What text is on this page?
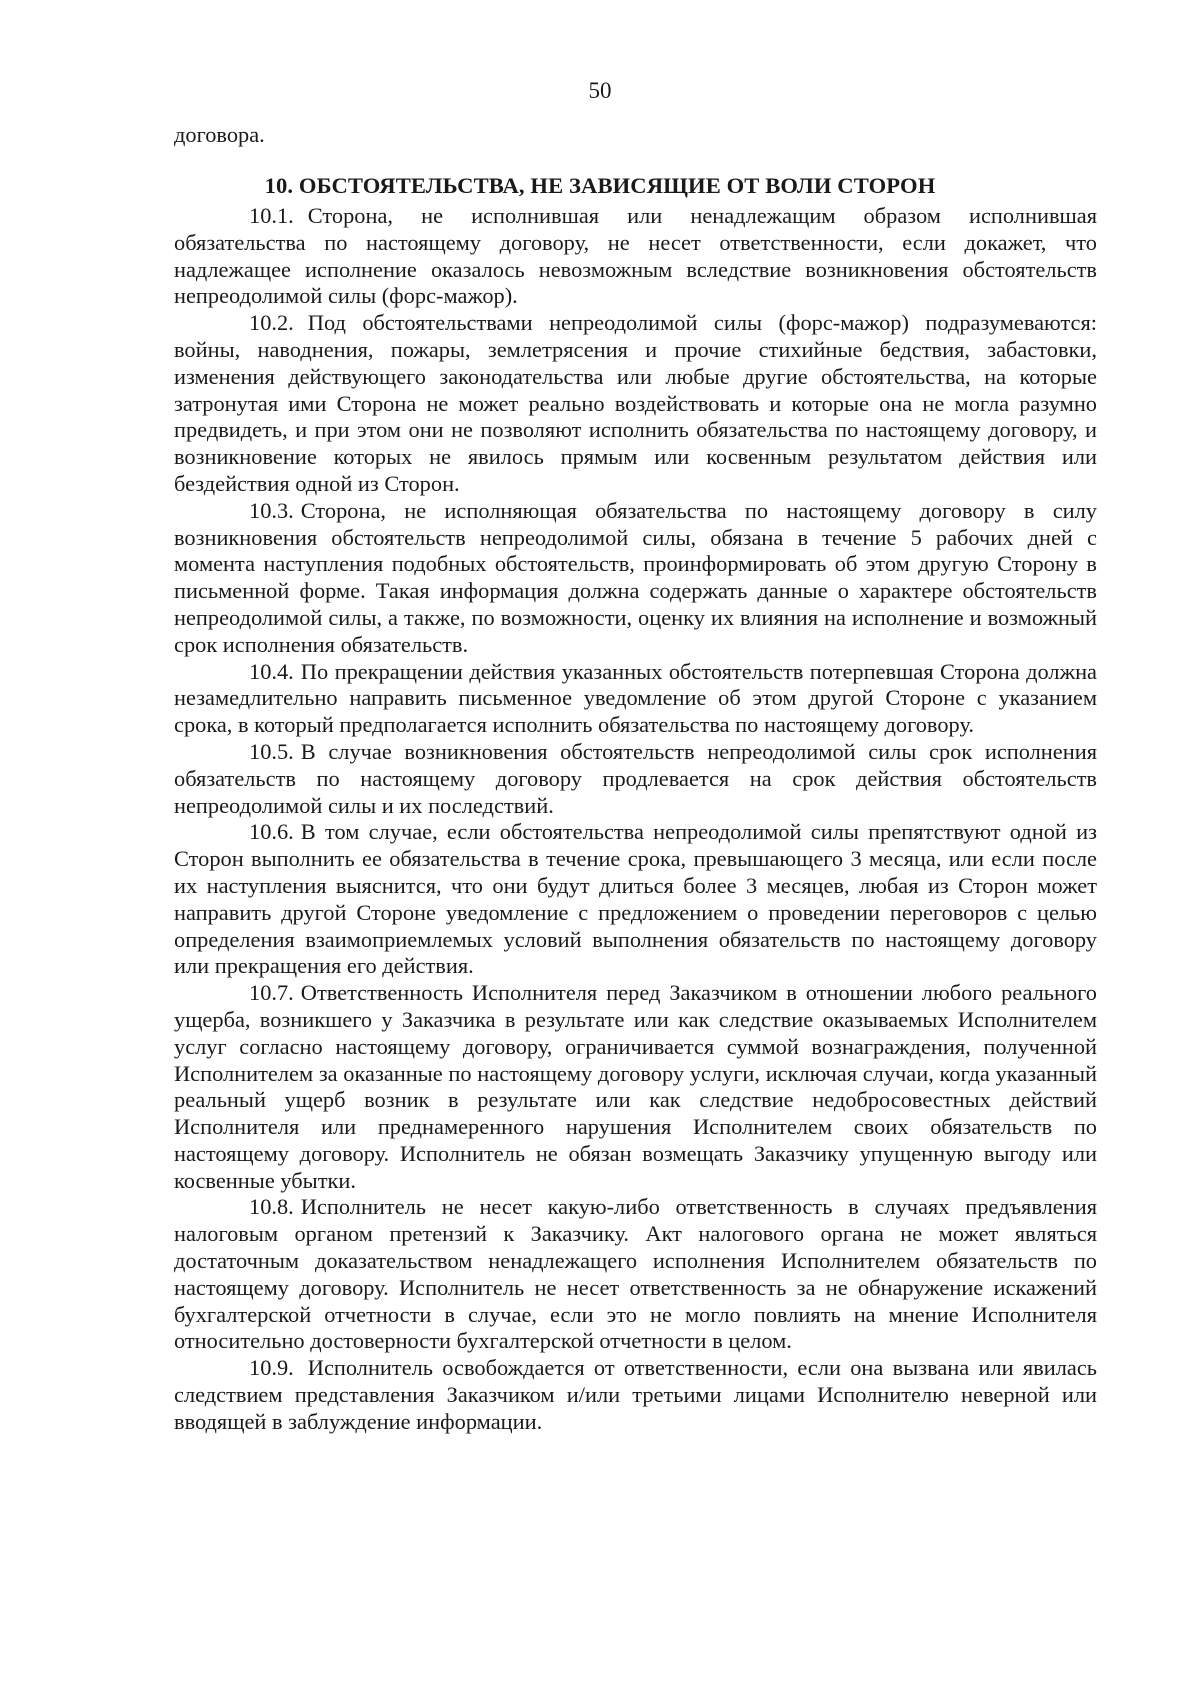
50

договора.

10. ОБСТОЯТЕЛЬСТВА, НЕ ЗАВИСЯЩИЕ ОТ ВОЛИ СТОРОН

10.1. Сторона, не исполнившая или ненадлежащим образом исполнившая обязательства по настоящему договору, не несет ответственности, если докажет, что надлежащее исполнение оказалось невозможным вследствие возникновения обстоятельств непреодолимой силы (форс-мажор).

10.2. Под обстоятельствами непреодолимой силы (форс-мажор) подразумеваются: войны, наводнения, пожары, землетрясения и прочие стихийные бедствия, забастовки, изменения действующего законодательства или любые другие обстоятельства, на которые затронутая ими Сторона не может реально воздействовать и которые она не могла разумно предвидеть, и при этом они не позволяют исполнить обязательства по настоящему договору, и возникновение которых не явилось прямым или косвенным результатом действия или бездействия одной из Сторон.

10.3. Сторона, не исполняющая обязательства по настоящему договору в силу возникновения обстоятельств непреодолимой силы, обязана в течение 5 рабочих дней с момента наступления подобных обстоятельств, проинформировать об этом другую Сторону в письменной форме. Такая информация должна содержать данные о характере обстоятельств непреодолимой силы, а также, по возможности, оценку их влияния на исполнение и возможный срок исполнения обязательств.

10.4. По прекращении действия указанных обстоятельств потерпевшая Сторона должна незамедлительно направить письменное уведомление об этом другой Стороне с указанием срока, в который предполагается исполнить обязательства по настоящему договору.

10.5. В случае возникновения обстоятельств непреодолимой силы срок исполнения обязательств по настоящему договору продлевается на срок действия обстоятельств непреодолимой силы и их последствий.

10.6. В том случае, если обстоятельства непреодолимой силы препятствуют одной из Сторон выполнить ее обязательства в течение срока, превышающего 3 месяца, или если после их наступления выяснится, что они будут длиться более 3 месяцев, любая из Сторон может направить другой Стороне уведомление с предложением о проведении переговоров с целью определения взаимоприемлемых условий выполнения обязательств по настоящему договору или прекращения его действия.

10.7. Ответственность Исполнителя перед Заказчиком в отношении любого реального ущерба, возникшего у Заказчика в результате или как следствие оказываемых Исполнителем услуг согласно настоящему договору, ограничивается суммой вознаграждения, полученной Исполнителем за оказанные по настоящему договору услуги, исключая случаи, когда указанный реальный ущерб возник в результате или как следствие недобросовестных действий Исполнителя или преднамеренного нарушения Исполнителем своих обязательств по настоящему договору. Исполнитель не обязан возмещать Заказчику упущенную выгоду или косвенные убытки.

10.8. Исполнитель не несет какую-либо ответственность в случаях предъявления налоговым органом претензий к Заказчику. Акт налогового органа не может являться достаточным доказательством ненадлежащего исполнения Исполнителем обязательств по настоящему договору. Исполнитель не несет ответственность за не обнаружение искажений бухгалтерской отчетности в случае, если это не могло повлиять на мнение Исполнителя относительно достоверности бухгалтерской отчетности в целом.

10.9. Исполнитель освобождается от ответственности, если она вызвана или явилась следствием представления Заказчиком и/или третьими лицами Исполнителю неверной или вводящей в заблуждение информации.
